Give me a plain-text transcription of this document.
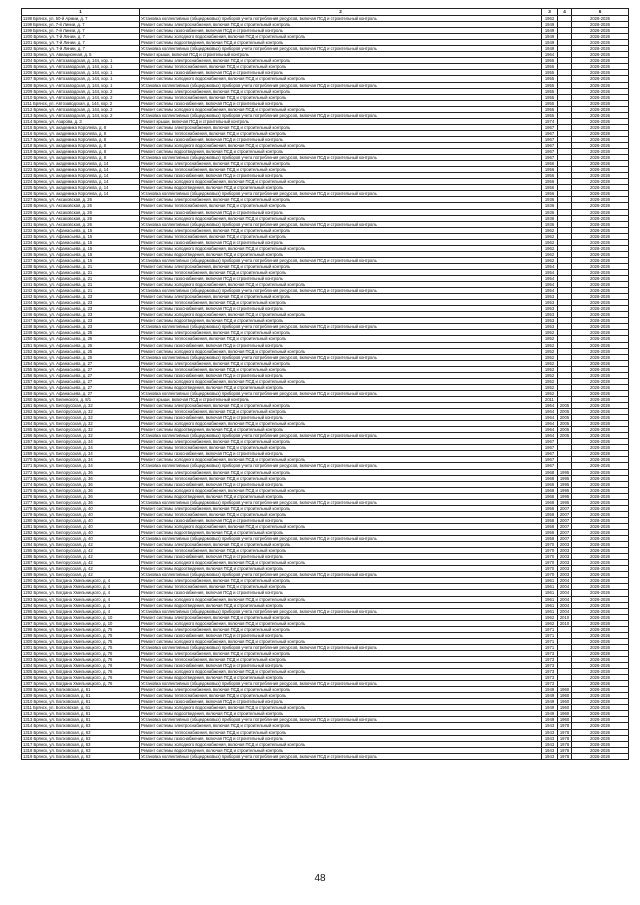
1	2	3	4	6
1198 Брянск, ул. 50-й Армии, д. 7	Установка коллективных (общедомовых) приборов учета потребления ресурсов, включая ПСД и строительный контроль	1962		2026-2026
1199 Брянск, ул. 7-й Линии, д. 7	Ремонт системы электроснабжения, включая ПСД и строительный контроль	1949		2026-2026
1199 Брянск, ул. 7-й Линии, д. 7	Ремонт системы газоснабжения, включая ПСД и строительный контроль	1949		2026-2026
1200 Брянск, ул. 7-й Линии, д. 7	Ремонт системы холодного водоснабжения, включая ПСД и строительный контроль	1949		2026-2026
1201 Брянск, ул. 7-й Линии, д. 7	Ремонт системы водоотведения, включая ПСД и строительный контроль	1949		2026-2026
1202 Брянск, ул. 7-й Линии, д. 7	Установка коллективных (общедомовых) приборов учета потребления ресурсов, включая ПСД и строительный контроль	1949		2026-2026
1203 Брянск, ул. Авиационная, д. 5	Ремонт крыши, включая ПСД и строительный контроль	1964		2026-2026
1204 Брянск, ул. Автозаводская, д. 144, кор. 1	Ремонт системы электроснабжения, включая ПСД и строительный контроль	1955		2026-2026
1205 Брянск, ул. Автозаводская, д. 144, кор. 1	Ремонт системы теплоснабжения, включая ПСД и строительный контроль	1955		2026-2026
1206 Брянск, ул. Автозаводская, д. 144, кор. 1	Ремонт системы газоснабжения, включая ПСД и строительный контроль	1955		2026-2026
1207 Брянск, ул. Автозаводская, д. 144, кор. 1	Ремонт системы холодного водоснабжения, включая ПСД и строительный контроль	1955		2026-2026
1208 Брянск, ул. Автозаводская, д. 144, кор. 1	Установка коллективных (общедомовых) приборов учета потребления ресурсов, включая ПСД и строительный контроль	1955		2026-2026
1209 Брянск, ул. Автозаводская, д. 144, кор. 2	Ремонт системы электроснабжения, включая ПСД и строительный контроль	1955		2026-2026
1210 Брянск, ул. Автозаводская, д. 144, кор. 2	Ремонт системы теплоснабжения, включая ПСД и строительный контроль	1955		2026-2026
1211 Брянск, ул. Автозаводская, д. 144, кор. 2	Ремонт системы газоснабжения, включая ПСД и строительный контроль	1955		2026-2026
1212 Брянск, ул. Автозаводская, д. 144, кор. 2	Ремонт системы холодного водоснабжения, включая ПСД и строительный контроль	1955		2026-2026
1213 Брянск, ул. Автозаводская, д. 144, кор. 2	Установка коллективных (общедомовых) приборов учета потребления ресурсов, включая ПСД и строительный контроль	1955		2026-2026
1214 Брянск, ул. Азарова, д. 3	Ремонт крыши, включая ПСД и строительный контроль	1974		2026-2026
1215 Брянск, ул. академика Королева, д. 8	Ремонт системы электроснабжения, включая ПСД и строительный контроль	1967		2026-2026
1216 Брянск, ул. академика Королева, д. 8	Ремонт системы теплоснабжения, включая ПСД и строительный контроль	1967		2026-2026
1217 Брянск, ул. академика Королева, д. 8	Ремонт системы газоснабжения, включая ПСД и строительный контроль	1967		2026-2026
1218 Брянск, ул. академика Королева, д. 8	Ремонт системы холодного водоснабжения, включая ПСД и строительный контроль	1967		2026-2026
1219 Брянск, ул. академика Королева, д. 8	Ремонт системы водоотведения, включая ПСД и строительный контроль	1967		2026-2026
1220 Брянск, ул. академика Королева, д. 8	Установка коллективных (общедомовых) приборов учета потребления ресурсов, включая ПСД и строительный контроль	1967		2026-2026
1221 Брянск, ул. академика Королева, д. 14	Ремонт системы электроснабжения, включая ПСД и строительный контроль	1956		2026-2026
1222 Брянск, ул. академика Королева, д. 14	Ремонт системы теплоснабжения, включая ПСД и строительный контроль	1956		2026-2026
1223 Брянск, ул. академика Королева, д. 14	Ремонт системы газоснабжения, включая ПСД и строительный контроль	1956		2026-2026
1224 Брянск, ул. академика Королева, д. 14	Ремонт системы холодного водоснабжения, включая ПСД и строительный контроль	1956		2026-2026
1225 Брянск, ул. академика Королева, д. 14	Ремонт системы водоотведения, включая ПСД и строительный контроль	1956		2026-2026
1226 Брянск, ул. академика Королева, д. 14	Установка коллективных (общедомовых) приборов учета потребления ресурсов, включая ПСД и строительный контроль	1956		2026-2026
1227 Брянск, ул. Аксаковская, д. 26	Ремонт системы электроснабжения, включая ПСД и строительный контроль	1936		2026-2026
1228 Брянск, ул. Аксаковская, д. 26	Ремонт системы теплоснабжения, включая ПСД и строительный контроль	1936		2026-2026
1229 Брянск, ул. Аксаковская, д. 26	Ремонт системы газоснабжения, включая ПСД и строительный контроль	1936		2026-2026
1230 Брянск, ул. Аксаковская, д. 26	Ремонт системы холодного водоснабжения, включая ПСД и строительный контроль	1936		2026-2026
1231 Брянск, ул. Аксаковская, д. 26	Установка коллективных (общедомовых) приборов учета потребления ресурсов, включая ПСД и строительный контроль	1936		2026-2026
1232 Брянск, ул. Афанасьева, д. 15	Ремонт системы электроснабжения, включая ПСД и строительный контроль	1962		2026-2026
1233 Брянск, ул. Афанасьева, д. 15	Ремонт системы теплоснабжения, включая ПСД и строительный контроль	1962		2026-2026
1234 Брянск, ул. Афанасьева, д. 15	Ремонт системы газоснабжения, включая ПСД и строительный контроль	1962		2026-2026
1235 Брянск, ул. Афанасьева, д. 15	Ремонт системы холодного водоснабжения, включая ПСД и строительный контроль	1962		2026-2026
1236 Брянск, ул. Афанасьева, д. 15	Ремонт системы водоотведения, включая ПСД и строительный контроль	1962		2026-2026
1237 Брянск, ул. Афанасьева, д. 15	Установка коллективных (общедомовых) приборов учета потребления ресурсов, включая ПСД и строительный контроль	1962		2026-2026
1238 Брянск, ул. Афанасьева, д. 21	Ремонт системы электроснабжения, включая ПСД и строительный контроль	1954		2026-2026
1239 Брянск, ул. Афанасьева, д. 21	Ремонт системы теплоснабжения, включая ПСД и строительный контроль	1954		2026-2026
1240 Брянск, ул. Афанасьева, д. 21	Ремонт системы газоснабжения, включая ПСД и строительный контроль	1954		2026-2026
1241 Брянск, ул. Афанасьева, д. 21	Ремонт системы холодного водоснабжения, включая ПСД и строительный контроль	1954		2026-2026
1242 Брянск, ул. Афанасьева, д. 21	Установка коллективных (общедомовых) приборов учета потребления ресурсов, включая ПСД и строительный контроль	1954		2026-2026
1243 Брянск, ул. Афанасьева, д. 23	Ремонт системы электроснабжения, включая ПСД и строительный контроль	1953		2026-2026
1244 Брянск, ул. Афанасьева, д. 23	Ремонт системы теплоснабжения, включая ПСД и строительный контроль	1953		2026-2026
1245 Брянск, ул. Афанасьева, д. 23	Ремонт системы газоснабжения, включая ПСД и строительный контроль	1953		2026-2026
1246 Брянск, ул. Афанасьева, д. 23	Ремонт системы холодного водоснабжения, включая ПСД и строительный контроль	1953		2026-2026
1247 Брянск, ул. Афанасьева, д. 23	Ремонт системы водоотведения, включая ПСД и строительный контроль	1953		2026-2026
1248 Брянск, ул. Афанасьева, д. 23	Установка коллективных (общедомовых) приборов учета потребления ресурсов, включая ПСД и строительный контроль	1953		2026-2026
1249 Брянск, ул. Афанасьева, д. 25	Ремонт системы электроснабжения, включая ПСД и строительный контроль	1952		2026-2026
1250 Брянск, ул. Афанасьева, д. 25	Ремонт системы теплоснабжения, включая ПСД и строительный контроль	1952		2026-2026
1251 Брянск, ул. Афанасьева, д. 25	Ремонт системы газоснабжения, включая ПСД и строительный контроль	1952		2026-2026
1252 Брянск, ул. Афанасьева, д. 25	Ремонт системы холодного водоснабжения, включая ПСД и строительный контроль	1952		2026-2026
1253 Брянск, ул. Афанасьева, д. 25	Установка коллективных (общедомовых) приборов учета потребления ресурсов, включая ПСД и строительный контроль	1952		2026-2026
1254 Брянск, ул. Афанасьева, д. 27	Ремонт системы электроснабжения, включая ПСД и строительный контроль	1952		2026-2026
1255 Брянск, ул. Афанасьева, д. 27	Ремонт системы теплоснабжения, включая ПСД и строительный контроль	1952		2026-2026
1256 Брянск, ул. Афанасьева, д. 27	Ремонт системы газоснабжения, включая ПСД и строительный контроль	1952		2026-2026
1257 Брянск, ул. Афанасьева, д. 27	Ремонт системы холодного водоснабжения, включая ПСД и строительный контроль	1952		2026-2026
1258 Брянск, ул. Афанасьева, д. 27	Ремонт системы водоотведения, включая ПСД и строительный контроль	1952		2026-2026
1259 Брянск, ул. Афанасьева, д. 27	Установка коллективных (общедомовых) приборов учета потребления ресурсов, включая ПСД и строительный контроль	1952		2026-2026
1260 Брянск, ул. Белинского, д. 8/1	Ремонт крыши, включая ПСД и строительный контроль	2011		2026-2026
1261 Брянск, ул. Белорусская, д. 32	Ремонт системы электроснабжения, включая ПСД и строительный контроль	1964	2005	2026-2026
1262 Брянск, ул. Белорусская, д. 32	Ремонт системы теплоснабжения, включая ПСД и строительный контроль	1964	2005	2026-2026
1263 Брянск, ул. Белорусская, д. 32	Ремонт системы газоснабжения, включая ПСД и строительный контроль	1964	2005	2026-2026
1264 Брянск, ул. Белорусская, д. 32	Ремонт системы холодного водоснабжения, включая ПСД и строительный контроль	1964	2005	2026-2026
1265 Брянск, ул. Белорусская, д. 32	Ремонт системы водоотведения, включая ПСД и строительный контроль	1964	2005	2026-2026
1266 Брянск, ул. Белорусская, д. 32	Установка коллективных (общедомовых) приборов учета потребления ресурсов, включая ПСД и строительный контроль	1964	2005	2026-2026
1267 Брянск, ул. Белорусская, д. 34	Ремонт системы электроснабжения, включая ПСД и строительный контроль	1967		2026-2026
1268 Брянск, ул. Белорусская, д. 34	Ремонт системы теплоснабжения, включая ПСД и строительный контроль	1967		2026-2026
1269 Брянск, ул. Белорусская, д. 34	Ремонт системы газоснабжения, включая ПСД и строительный контроль	1967		2026-2026
1270 Брянск, ул. Белорусская, д. 34	Ремонт системы холодного водоснабжения, включая ПСД и строительный контроль	1967		2026-2026
1271 Брянск, ул. Белорусская, д. 34	Установка коллективных (общедомовых) приборов учета потребления ресурсов, включая ПСД и строительный контроль	1967		2026-2026
1272 Брянск, ул. Белорусская, д. 36	Ремонт системы электроснабжения, включая ПСД и строительный контроль	1968	1995	2026-2026
1273 Брянск, ул. Белорусская, д. 36	Ремонт системы теплоснабжения, включая ПСД и строительный контроль	1968	1995	2026-2026
1274 Брянск, ул. Белорусская, д. 36	Ремонт системы газоснабжения, включая ПСД и строительный контроль	1968	1995	2026-2026
1275 Брянск, ул. Белорусская, д. 36	Ремонт системы холодного водоснабжения, включая ПСД и строительный контроль	1968	1995	2026-2026
1276 Брянск, ул. Белорусская, д. 36	Ремонт системы водоотведения, включая ПСД и строительный контроль	1968	1995	2026-2026
1277 Брянск, ул. Белорусская, д. 36	Установка коллективных (общедомовых) приборов учета потребления ресурсов, включая ПСД и строительный контроль	1968	1995	2026-2026
1278 Брянск, ул. Белорусская, д. 40	Ремонт системы электроснабжения, включая ПСД и строительный контроль	1958	2007	2026-2026
1279 Брянск, ул. Белорусская, д. 40	Ремонт системы теплоснабжения, включая ПСД и строительный контроль	1958	2007	2026-2026
1280 Брянск, ул. Белорусская, д. 40	Ремонт системы газоснабжения, включая ПСД и строительный контроль	1958	2007	2026-2026
1281 Брянск, ул. Белорусская, д. 40	Ремонт системы холодного водоснабжения, включая ПСД и строительный контроль	1958	2007	2026-2026
1282 Брянск, ул. Белорусская, д. 40	Ремонт системы водоотведения, включая ПСД и строительный контроль	1958	2007	2026-2026
1283 Брянск, ул. Белорусская, д. 40	Установка коллективных (общедомовых) приборов учета потребления ресурсов, включая ПСД и строительный контроль	1958	2007	2026-2026
1284 Брянск, ул. Белорусская, д. 42	Ремонт системы электроснабжения, включая ПСД и строительный контроль	1970	2003	2026-2026
1285 Брянск, ул. Белорусская, д. 42	Ремонт системы теплоснабжения, включая ПСД и строительный контроль	1970	2003	2026-2026
1286 Брянск, ул. Белорусская, д. 42	Ремонт системы газоснабжения, включая ПСД и строительный контроль	1970	2003	2026-2026
1287 Брянск, ул. Белорусская, д. 42	Ремонт системы холодного водоснабжения, включая ПСД и строительный контроль	1970	2003	2026-2026
1288 Брянск, ул. Белорусская, д. 42	Ремонт системы водоотведения, включая ПСД и строительный контроль	1970	2003	2026-2026
1289 Брянск, ул. Белорусская, д. 42	Установка коллективных (общедомовых) приборов учета потребления ресурсов, включая ПСД и строительный контроль	1970	2003	2026-2026
1290 Брянск, ул. Богдана Хмельницкого, д. 4	Ремонт системы электроснабжения, включая ПСД и строительный контроль	1961	2004	2026-2026
1291 Брянск, ул. Богдана Хмельницкого, д. 4	Ремонт системы теплоснабжения, включая ПСД и строительный контроль	1961	2004	2026-2026
1292 Брянск, ул. Богдана Хмельницкого, д. 4	Ремонт системы газоснабжения, включая ПСД и строительный контроль	1961	2004	2026-2026
1293 Брянск, ул. Богдана Хмельницкого, д. 4	Ремонт системы холодного водоснабжения, включая ПСД и строительный контроль	1961	2004	2026-2026
1294 Брянск, ул. Богдана Хмельницкого, д. 4	Ремонт системы водоотведения, включая ПСД и строительный контроль	1961	2004	2026-2026
1295 Брянск, ул. Богдана Хмельницкого, д. 4	Установка коллективных (общедомовых) приборов учета потребления ресурсов, включая ПСД и строительный контроль	1961	2004	2026-2026
1296 Брянск, ул. Богдана Хмельницкого, д. 10	Ремонт системы электроснабжения, включая ПСД и строительный контроль	1962	2010	2026-2026
1297 Брянск, ул. Богдана Хмельницкого, д. 10	Ремонт системы холодного водоснабжения, включая ПСД и строительный контроль	1962	2010	2026-2026
1298 Брянск, ул. Богдана Хмельницкого, д. 75	Ремонт системы электроснабжения, включая ПСД и строительный контроль	1971		2026-2026
1299 Брянск, ул. Богдана Хмельницкого, д. 75	Ремонт системы газоснабжения, включая ПСД и строительный контроль	1971		2026-2026
1300 Брянск, ул. Богдана Хмельницкого, д. 75	Ремонт системы холодного водоснабжения, включая ПСД и строительный контроль	1971		2026-2026
1301 Брянск, ул. Богдана Хмельницкого, д. 75	Установка коллективных (общедомовых) приборов учета потребления ресурсов, включая ПСД и строительный контроль	1971		2026-2026
1302 Брянск, ул. Богдана Хмельницкого, д. 76	Ремонт системы электроснабжения, включая ПСД и строительный контроль	1973		2026-2026
1303 Брянск, ул. Богдана Хмельницкого, д. 76	Ремонт системы теплоснабжения, включая ПСД и строительный контроль	1973		2026-2026
1304 Брянск, ул. Богдана Хмельницкого, д. 76	Ремонт системы газоснабжения, включая ПСД и строительный контроль	1973		2026-2026
1305 Брянск, ул. Богдана Хмельницкого, д. 76	Ремонт системы холодного водоснабжения, включая ПСД и строительный контроль	1973		2026-2026
1306 Брянск, ул. Богдана Хмельницкого, д. 76	Ремонт системы водоотведения, включая ПСД и строительный контроль	1973		2026-2026
1307 Брянск, ул. Богдана Хмельницкого, д. 76	Установка коллективных (общедомовых) приборов учета потребления ресурсов, включая ПСД и строительный контроль	1973		2026-2026
1308 Брянск, ул. Болховская, д. 61	Ремонт системы электроснабжения, включая ПСД и строительный контроль	1949	1960	2026-2026
1309 Брянск, ул. Болховская, д. 61	Ремонт системы теплоснабжения, включая ПСД и строительный контроль	1949	1960	2026-2026
1310 Брянск, ул. Болховская, д. 61	Ремонт системы газоснабжения, включая ПСД и строительный контроль	1949	1960	2026-2026
1311 Брянск, ул. Болховская, д. 61	Ремонт системы холодного водоснабжения, включая ПСД и строительный контроль	1949	1960	2026-2026
1312 Брянск, ул. Болховская, д. 61	Ремонт системы водоотведения, включая ПСД и строительный контроль	1949	1960	2026-2026
1313 Брянск, ул. Болховская, д. 61	Установка коллективных (общедомовых) приборов учета потребления ресурсов, включая ПСД и строительный контроль	1949	1960	2026-2026
1314 Брянск, ул. Болховская, д. 63	Ремонт системы электроснабжения, включая ПСД и строительный контроль	1943	1978	2026-2026
1315 Брянск, ул. Болховская, д. 63	Ремонт системы теплоснабжения, включая ПСД и строительный контроль	1943	1978	2026-2026
1316 Брянск, ул. Болховская, д. 63	Ремонт системы газоснабжения, включая ПСД и строительный контроль	1943	1978	2026-2026
1317 Брянск, ул. Болховская, д. 63	Ремонт системы холодного водоснабжения, включая ПСД и строительный контроль	1943	1978	2026-2026
1318 Брянск, ул. Болховская, д. 63	Ремонт системы водоотведения, включая ПСД и строительный контроль	1943	1978	2026-2026
1319 Брянск, ул. Болховская, д. 63	Установка коллективных (общедомовых) приборов учета потребления ресурсов, включая ПСД и строительный контроль	1943	1978	2026-2026
48
